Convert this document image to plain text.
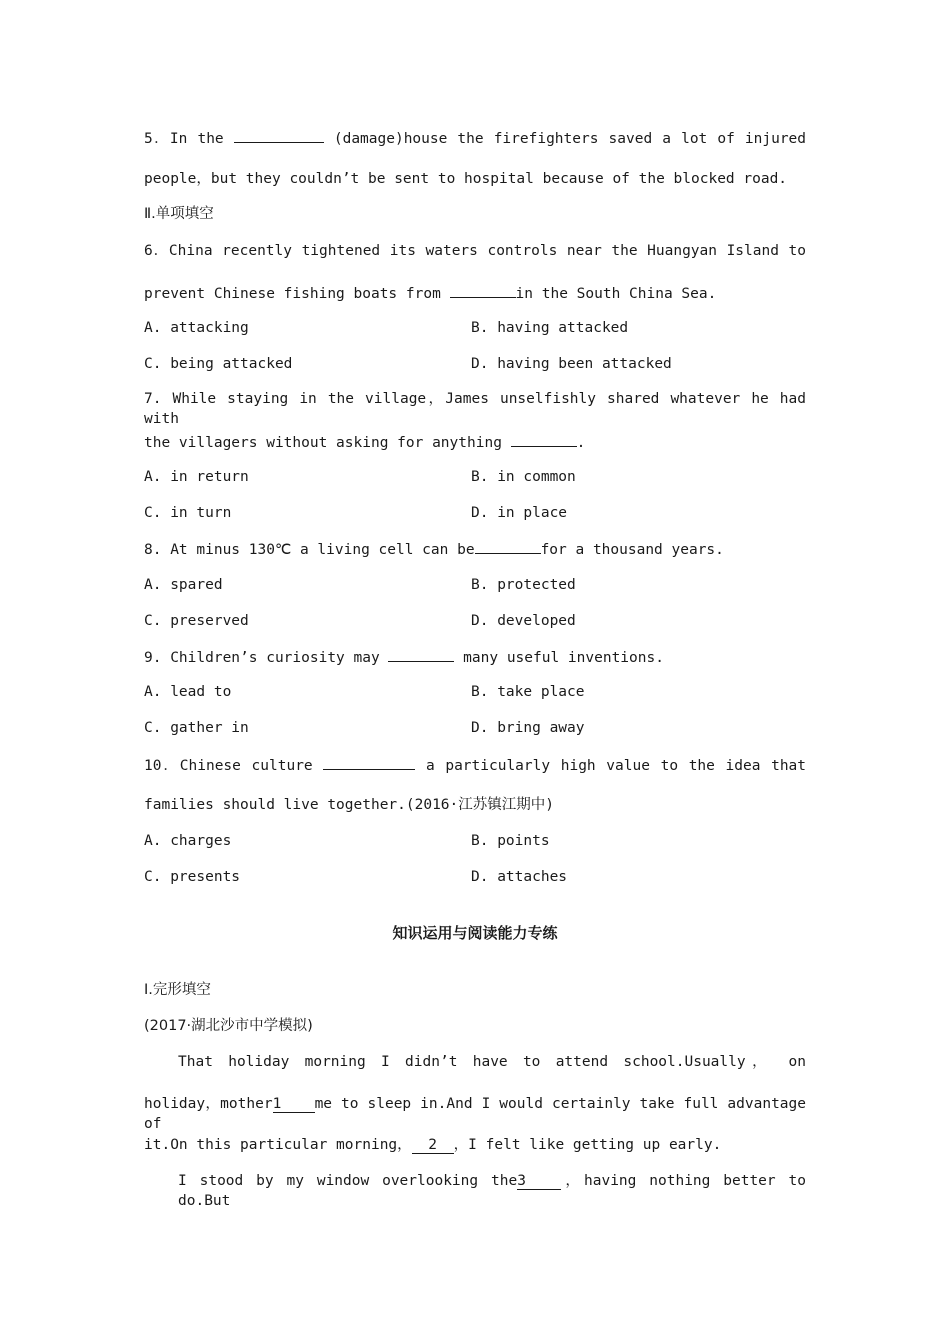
5．In the	(damage)house the firefighters saved a lot of injured
people，but they couldn’t be sent to hospital because of the blocked road.
Ⅱ.单项填空
6．China recently tightened its waters controls near the Huangyan Island to
prevent Chinese fishing boats from	in the South China Sea.
A. attacking	B. having attacked
C. being attacked	D. having been attacked
7. While staying in the village，James unselfishly shared whatever he had with
the villagers without asking for anything	.
A. in return	B. in common
C. in turn	D. in place
8. At minus 130℃ a living cell can be	for a thousand years.
A. spared	B. protected
C. preserved	D. developed
9. Children’s curiosity may	many useful inventions.
A. lead to	B. take place
C. gather in	D. bring away
10．Chinese culture	a particularly high value to the idea that
families should live together.(2016·江苏镇江期中)
A. charges	B. points
C. presents	D. attaches
知识运用与阅读能力专练
Ⅰ.完形填空
(2017·湖北沙市中学模拟)
That holiday morning I didn’t have to attend school.Usually， on
holiday，mother1 me to sleep in.And I would certainly take full advantage of
it.On this particular morning， 2 ，I felt like getting up early.
I stood by my window overlooking the3 ，having nothing better to do.But
